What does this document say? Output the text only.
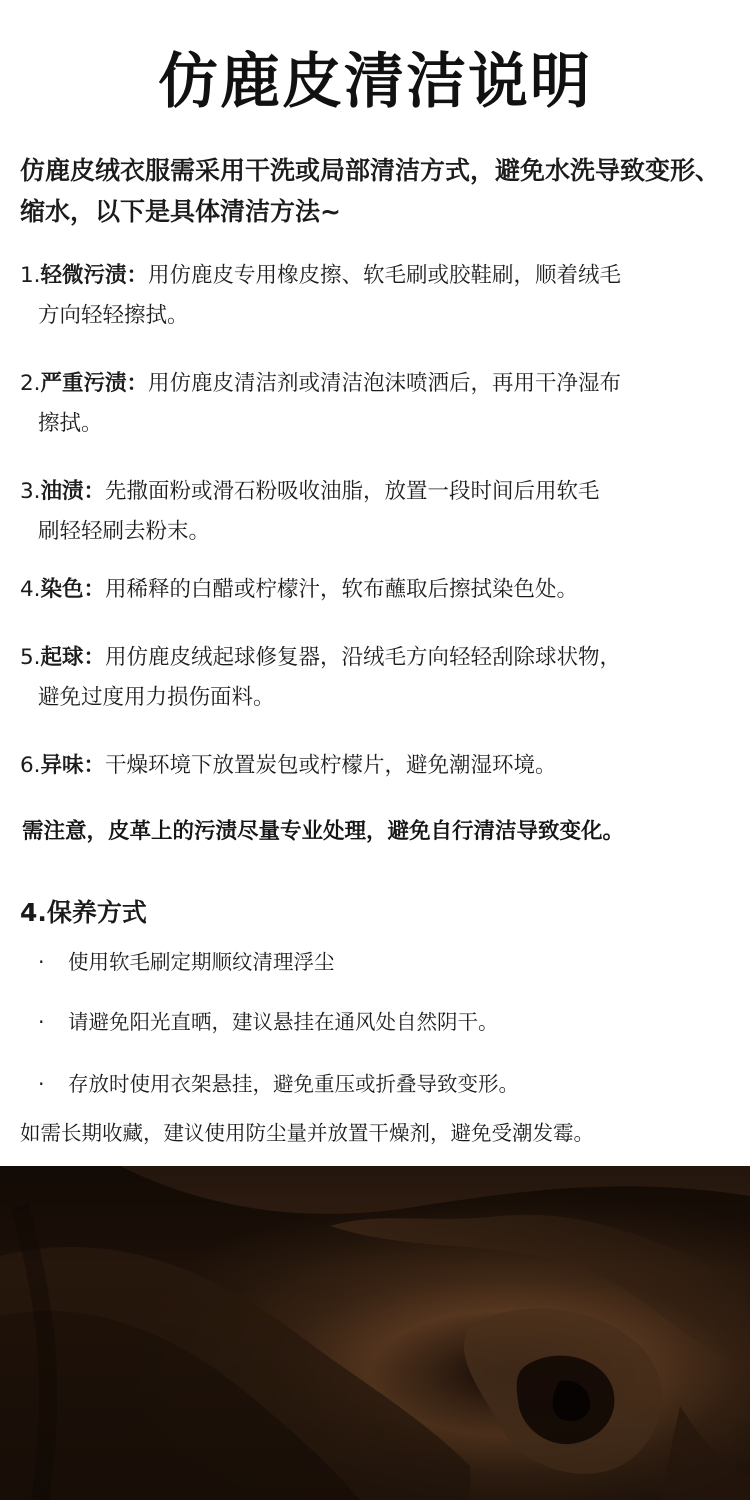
仿鹿皮清洁说明
仿鹿皮绒衣服需采用干洗或局部清洁方式，避免水洗导致变形、缩水，以下是具体清洁方法~
1.轻微污渍：用仿鹿皮专用橡皮擦、软毛刷或胶鞋刷，顺着绒毛
方向轻轻擦拭。
2.严重污渍：用仿鹿皮清洁剂或清洁泡沫喷洒后，再用干净湿布
擦拭。
3.油渍：先撒面粉或滑石粉吸收油脂，放置一段时间后用软毛
刷轻轻刷去粉末。
4.染色：用稀释的白醋或柠檬汁，软布蘸取后擦拭染色处。
5.起球：用仿鹿皮绒起球修复器，沿绒毛方向轻轻刮除球状物，
避免过度用力损伤面料。
6.异味：干燥环境下放置炭包或柠檬片，避免潮湿环境。
需注意，皮革上的污渍尽量专业处理，避免自行清洁导致变化。
4.保养方式
· 使用软毛刷定期顺纹清理浮尘
· 请避免阳光直晒，建议悬挂在通风处自然阴干。
· 存放时使用衣架悬挂，避免重压或折叠导致变形。
如需长期收藏，建议使用防尘量并放置干燥剂，避免受潮发霉。
